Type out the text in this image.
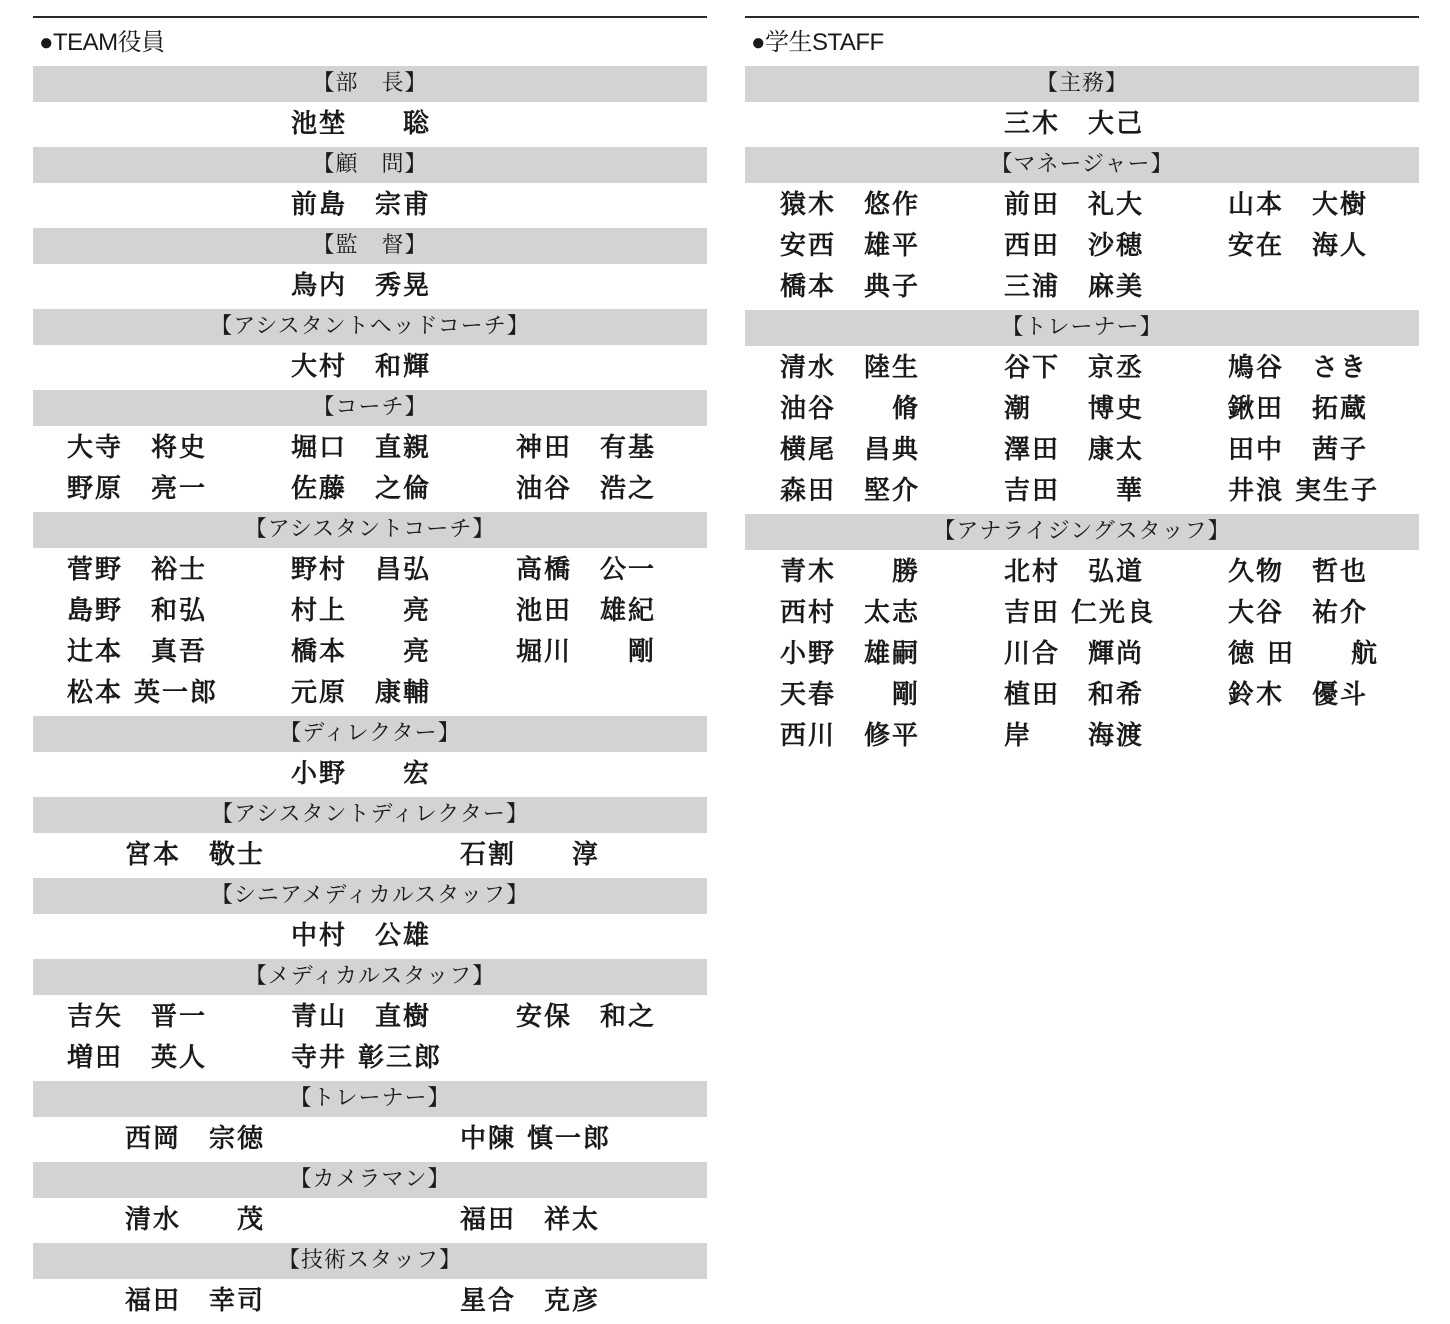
●TEAM役員
【部　長】
池埜　　聡
【顧　問】
前島　宗甫
【監　督】
鳥内　秀晃
【アシスタントヘッドコーチ】
大村　和輝
【コーチ】
大寺　将史	堀口　直親	神田　有基
野原　亮一	佐藤　之倫	油谷　浩之
【アシスタントコーチ】
菅野　裕士	野村　昌弘	高橋　公一
島野　和弘	村上　　亮	池田　雄紀
辻本　真吾	橋本　　亮	堀川　　剛
松本 英一郎	元原　康輔
【ディレクター】
小野　　宏
【アシスタントディレクター】
宮本　敬士	石割　　淳
【シニアメディカルスタッフ】
中村　公雄
【メディカルスタッフ】
吉矢　晋一	青山　直樹	安保　和之
増田　英人	寺井 彰三郎
【トレーナー】
西岡　宗徳	中陳 慎一郎
【カメラマン】
清水　　茂	福田　祥太
【技術スタッフ】
福田　幸司	星合　克彦
●学生STAFF
【主務】
三木　大己
【マネージャー】
猿木　悠作	前田　礼大	山本　大樹
安西　雄平	西田　沙穂	安在　海人
橋本　典子	三浦　麻美
【トレーナー】
清水　陸生	谷下　京丞	鳩谷　さき
油谷　　脩	潮　　博史	鍬田　拓蔵
横尾　昌典	澤田　康太	田中　茜子
森田　堅介	吉田　　華	井浪 実生子
【アナライジングスタッフ】
青木　　勝	北村　弘道	久物　哲也
西村　太志	吉田 仁光良	大谷　祐介
小野　雄嗣	川合　輝尚	徳 田　　航
天春　　剛	植田　和希	鈴木　優斗
西川　修平	岸　　海渡
